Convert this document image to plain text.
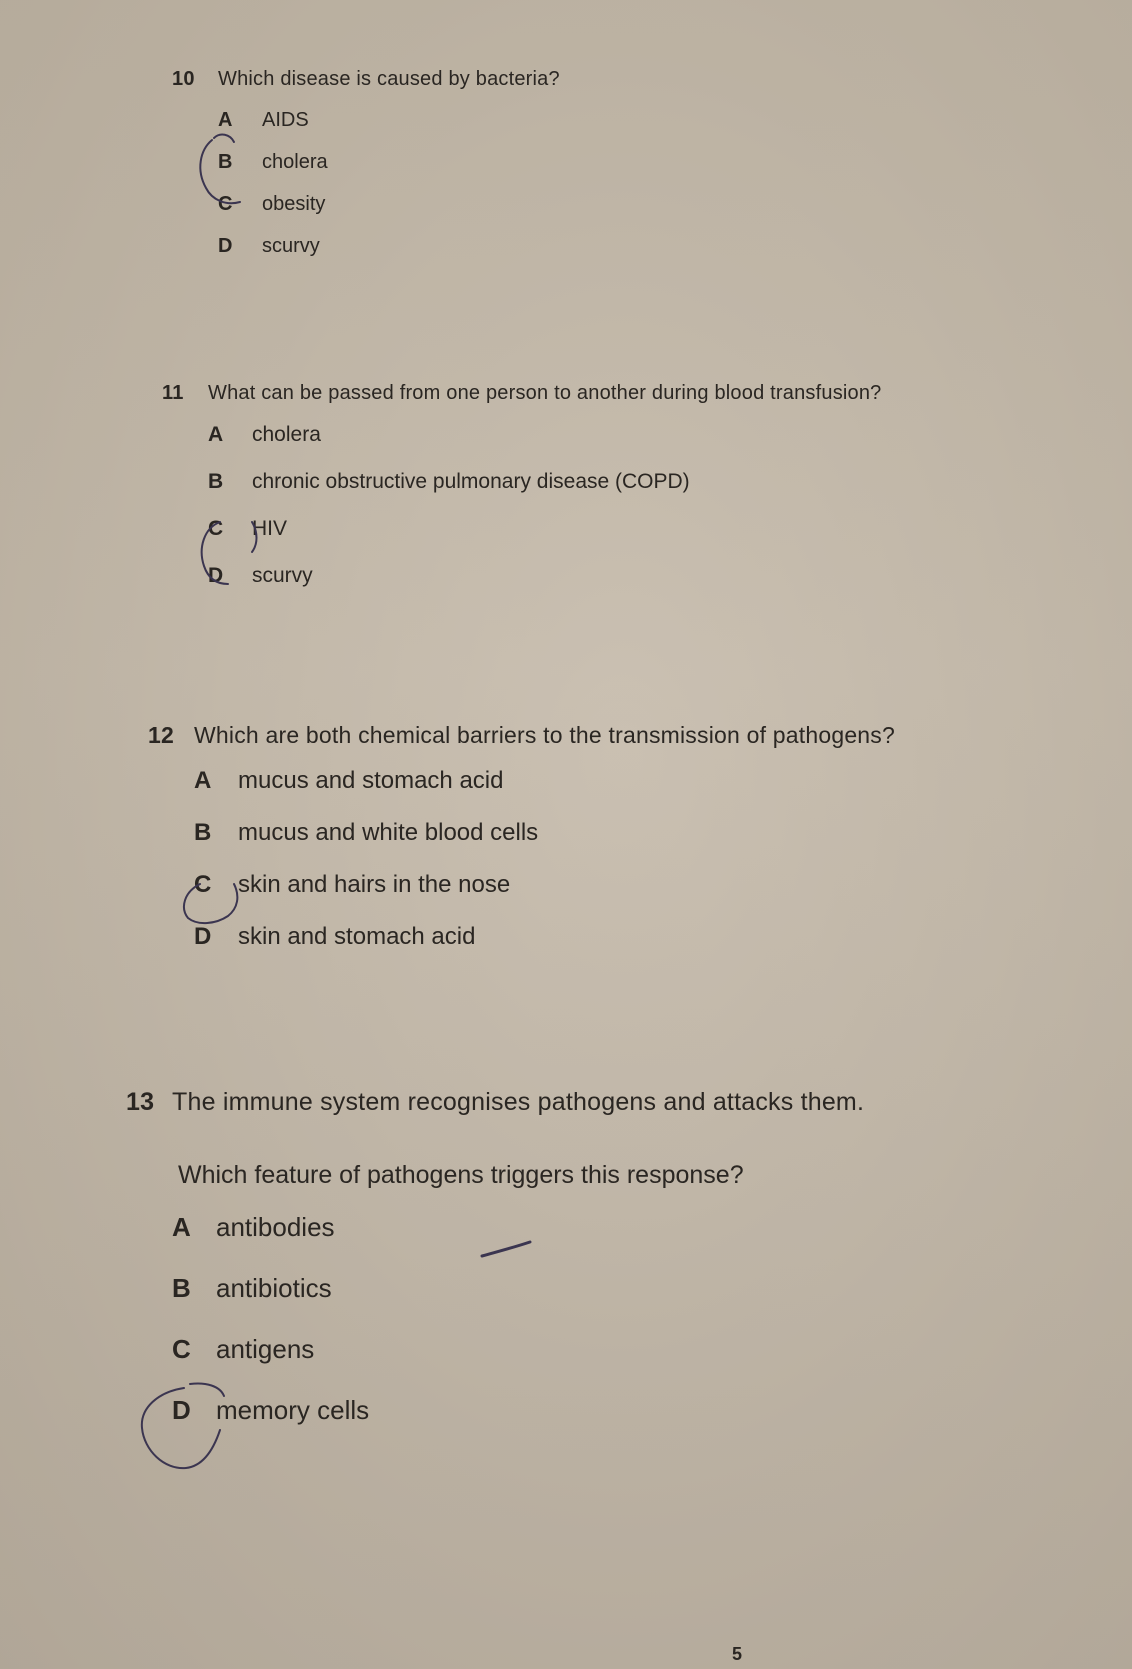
10	Which disease is caused by bacteria?
A	AIDS
B	cholera
C	obesity
D	scurvy
11	What can be passed from one person to another during blood transfusion?
A	cholera
B	chronic obstructive pulmonary disease (COPD)
C	HIV
D	scurvy
12 Which are both chemical barriers to the transmission of pathogens?
A	mucus and stomach acid
B	mucus and white blood cells
C	skin and hairs in the nose
D	skin and stomach acid
13 The immune system recognises pathogens and attacks them.
Which feature of pathogens triggers this response?
A antibodies
B antibiotics
C antigens
D memory cells
5
